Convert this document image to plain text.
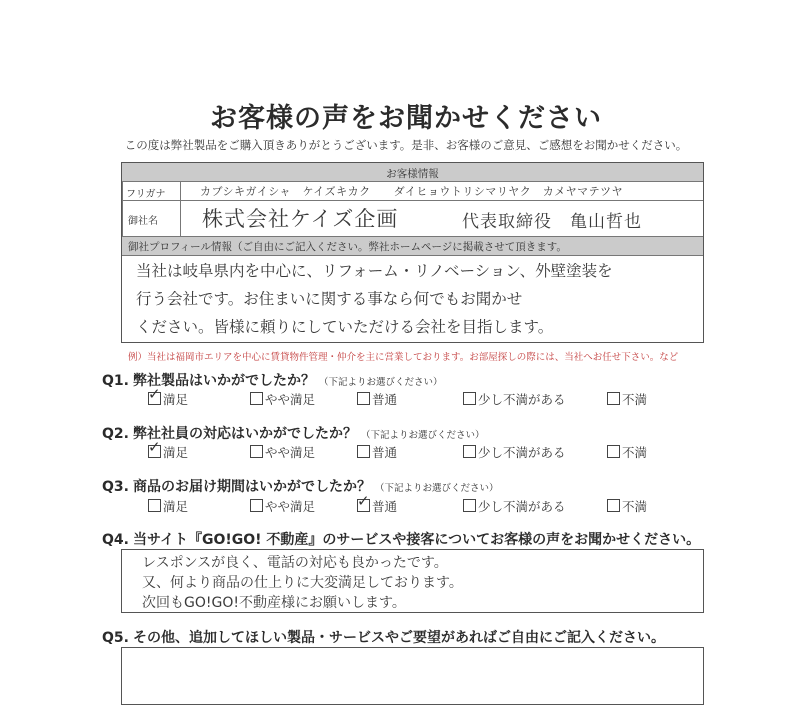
お客様の声をお聞かせください
この度は弊社製品をご購入頂きありがとうございます。是非、お客様のご意見、ご感想をお聞かせください。
お客様情報
フリガナ	カブシキガイシャ　ケイズキカク　　ダイヒョウトリシマリヤク　カメヤマテツヤ
御社名 株式会社ケイズ企画	代表取締役　亀山哲也
御社プロフィール情報（ご自由にご記入ください。弊社ホームページに掲載させて頂きます。
当社は岐阜県内を中心に、リフォーム・リノベーション、外壁塗装を
行う会社です。お住まいに関する事なら何でもお聞かせ
ください。皆様に頼りにしていただける会社を目指します。
例）当社は福岡市エリアを中心に賃貸物件管理・仲介を主に営業しております。お部屋探しの際には、当社へお任せ下さい。など
Q1. 弊社製品はいかがでしたか？ （下記よりお選びください）
Q2. 弊社社員の対応はいかがでしたか？ （下記よりお選びください）
Q3. 商品のお届け期間はいかがでしたか？ （下記よりお選びください）
Q4. 当サイト『GO!GO! 不動産』のサービスや接客についてお客様の声をお聞かせください。
レスポンスが良く、電話の対応も良かったです。
又、何より商品の仕上りに大変満足しております。
次回もGO!GO!不動産様にお願いします。
Q5. その他、追加してほしい製品・サービスやご要望があればご自由にご記入ください。
✓ 満足	やや満足	普通	少し不満がある	不満
✓ 満足	やや満足	普通	少し不満がある	不満
満足	やや満足	✓ 普通	少し不満がある	不満
